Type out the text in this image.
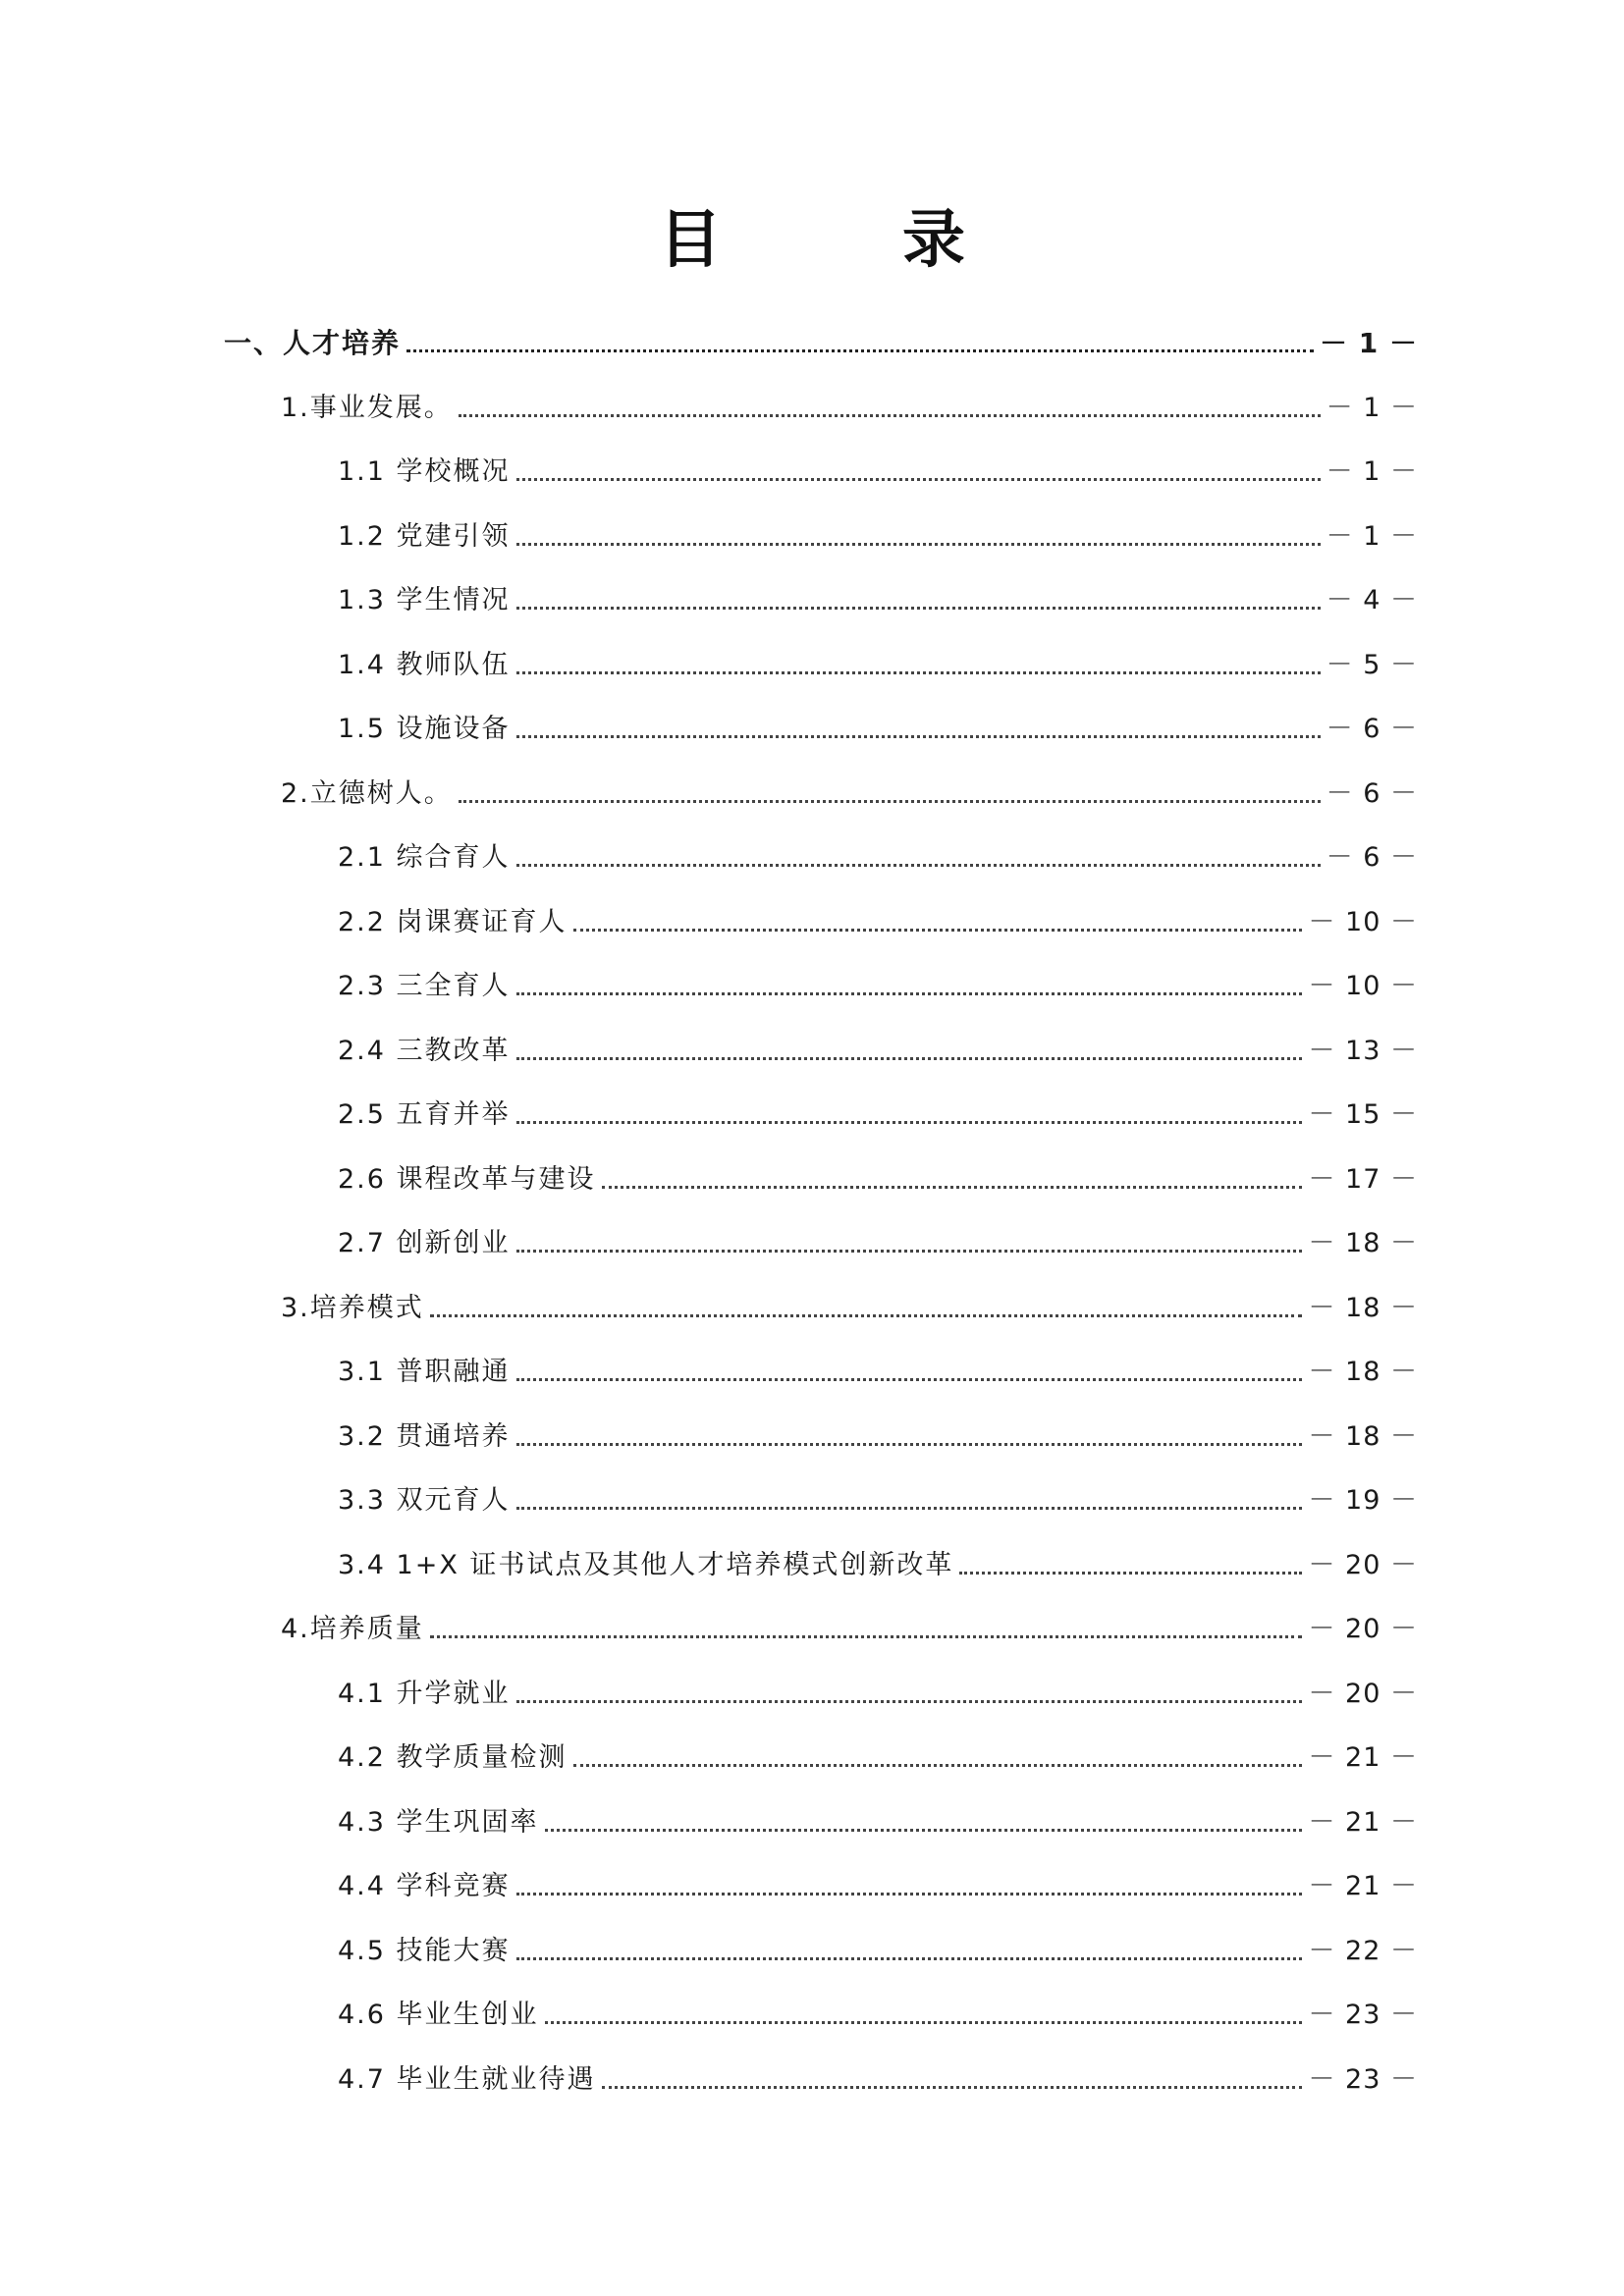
目　录
一、人才培养	－ 1 －
1.事业发展。	－ 1 －
1.1 学校概况	－ 1 －
1.2 党建引领	－ 1 －
1.3 学生情况	－ 4 －
1.4 教师队伍	－ 5 －
1.5 设施设备	－ 6 －
2.立德树人。	－ 6 －
2.1 综合育人	－ 6 －
2.2 岗课赛证育人	－ 10 －
2.3 三全育人	－ 10 －
2.4 三教改革	－ 13 －
2.5 五育并举	－ 15 －
2.6 课程改革与建设	－ 17 －
2.7 创新创业	－ 18 －
3.培养模式	－ 18 －
3.1 普职融通	－ 18 －
3.2 贯通培养	－ 18 －
3.3 双元育人	－ 19 －
3.4 1+X 证书试点及其他人才培养模式创新改革	－ 20 －
4.培养质量	－ 20 －
4.1 升学就业	－ 20 －
4.2 教学质量检测	－ 21 －
4.3 学生巩固率	－ 21 －
4.4 学科竞赛	－ 21 －
4.5 技能大赛	－ 22 －
4.6 毕业生创业	－ 23 －
4.7 毕业生就业待遇	－ 23 －
